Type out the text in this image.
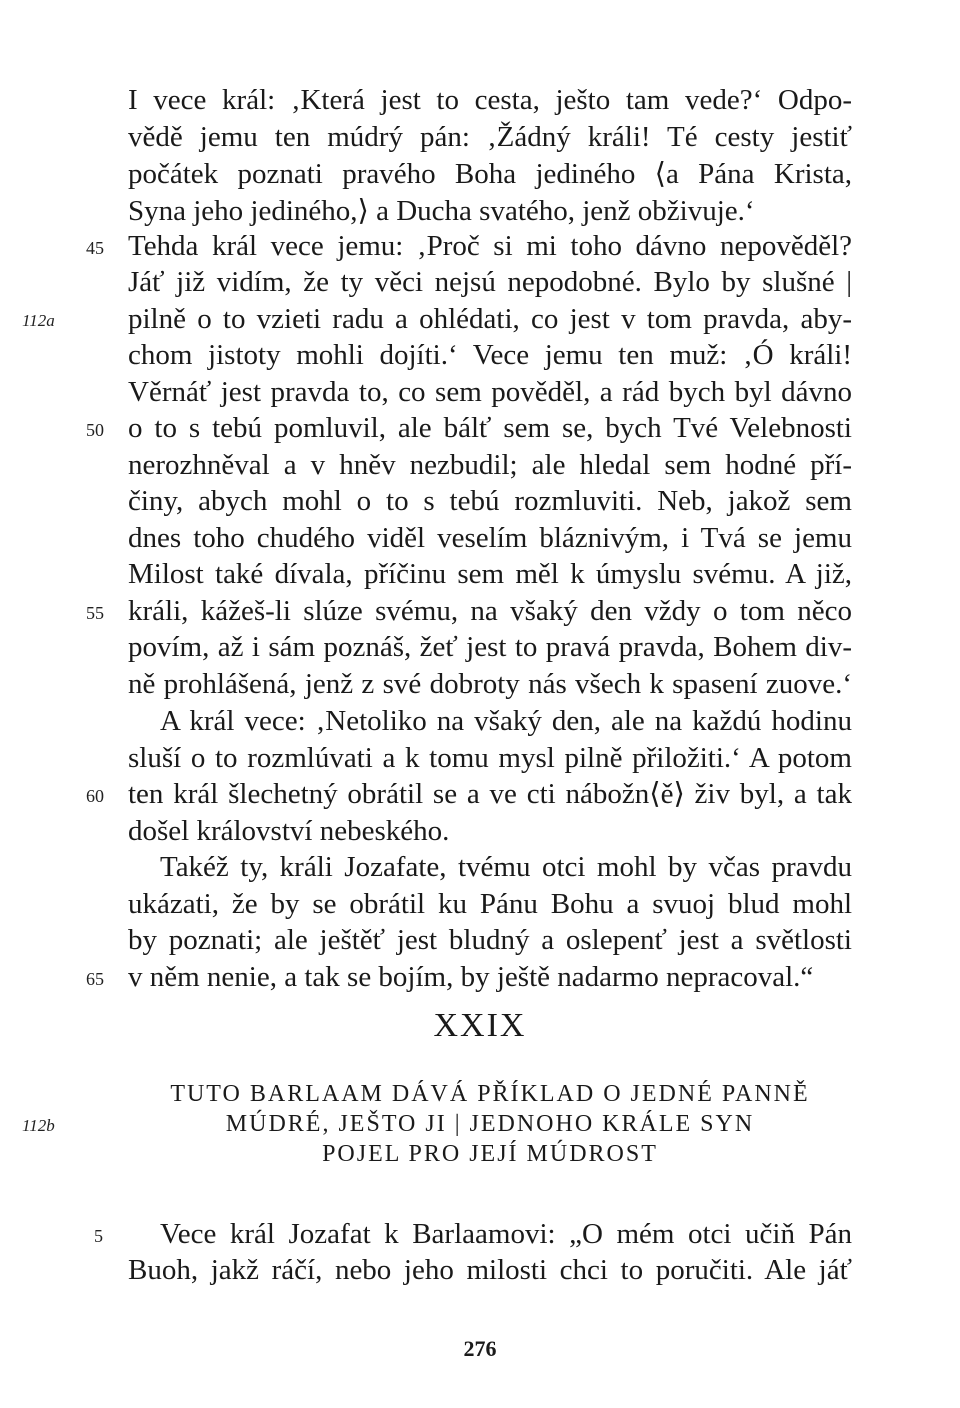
I vece král: ‚Která jest to cesta, ješto tam vede?‘ Odpo-
vědě jemu ten múdrý pán: ‚Žádný králi! Té cesty jestiť
počátek poznati pravého Boha jediného ⟨a Pána Krista,
Syna jeho jediného,⟩ a Ducha svatého, jenž obživuje.‘
Tehda král vece jemu: ‚Proč si mi toho dávno nepověděl?
Jáť již vidím, že ty věci nejsú nepodobné. Bylo by slušné |
pilně o to vzieti radu a ohlédati, co jest v tom pravda, aby-
chom jistoty mohli dojíti.‘ Vece jemu ten muž: ‚Ó králi!
Věrnáť jest pravda to, co sem pověděl, a rád bych byl dávno
o to s tebú pomluvil, ale bálť sem se, bych Tvé Velebnosti
nerozhněval a v hněv nezbudil; ale hledal sem hodné pří-
činy, abych mohl o to s tebú rozmluviti. Neb, jakož sem
dnes toho chudého viděl veselím bláznivým, i Tvá se jemu
Milost také dívala, příčinu sem měl k úmyslu svému. A již,
králi, kážeš-li slúze svému, na všaký den vždy o tom něco
povím, až i sám poznáš, žeť jest to pravá pravda, Bohem div-
ně prohlášená, jenž z své dobroty nás všech k spasení zuove.‘
A král vece: ‚Netoliko na všaký den, ale na každú hodinu
sluší o to rozmlúvati a k tomu mysl pilně přiložiti.‘ A potom
ten král šlechetný obrátil se a ve cti nábožn⟨ě⟩ živ byl, a tak
došel království nebeského.
Takéž ty, králi Jozafate, tvému otci mohl by včas pravdu
ukázati, že by se obrátil ku Pánu Bohu a svuoj blud mohl
by poznati; ale ještěť jest bludný a oslepenť jest a světlosti
v něm nenie, a tak se bojím, by ještě nadarmo nepracoval.“
45
50
55
60
65
5
112a
112b
XXIX
TUTO BARLAAM DÁVÁ PŘÍKLAD O JEDNÉ PANNĚ
MÚDRÉ, JEŠTO JI | JEDNOHO KRÁLE SYN
POJEL PRO JEJÍ MÚDROST
Vece král Jozafat k Barlaamovi: „O mém otci učiň Pán
Buoh, jakž ráčí, nebo jeho milosti chci to poručiti. Ale jáť
276
